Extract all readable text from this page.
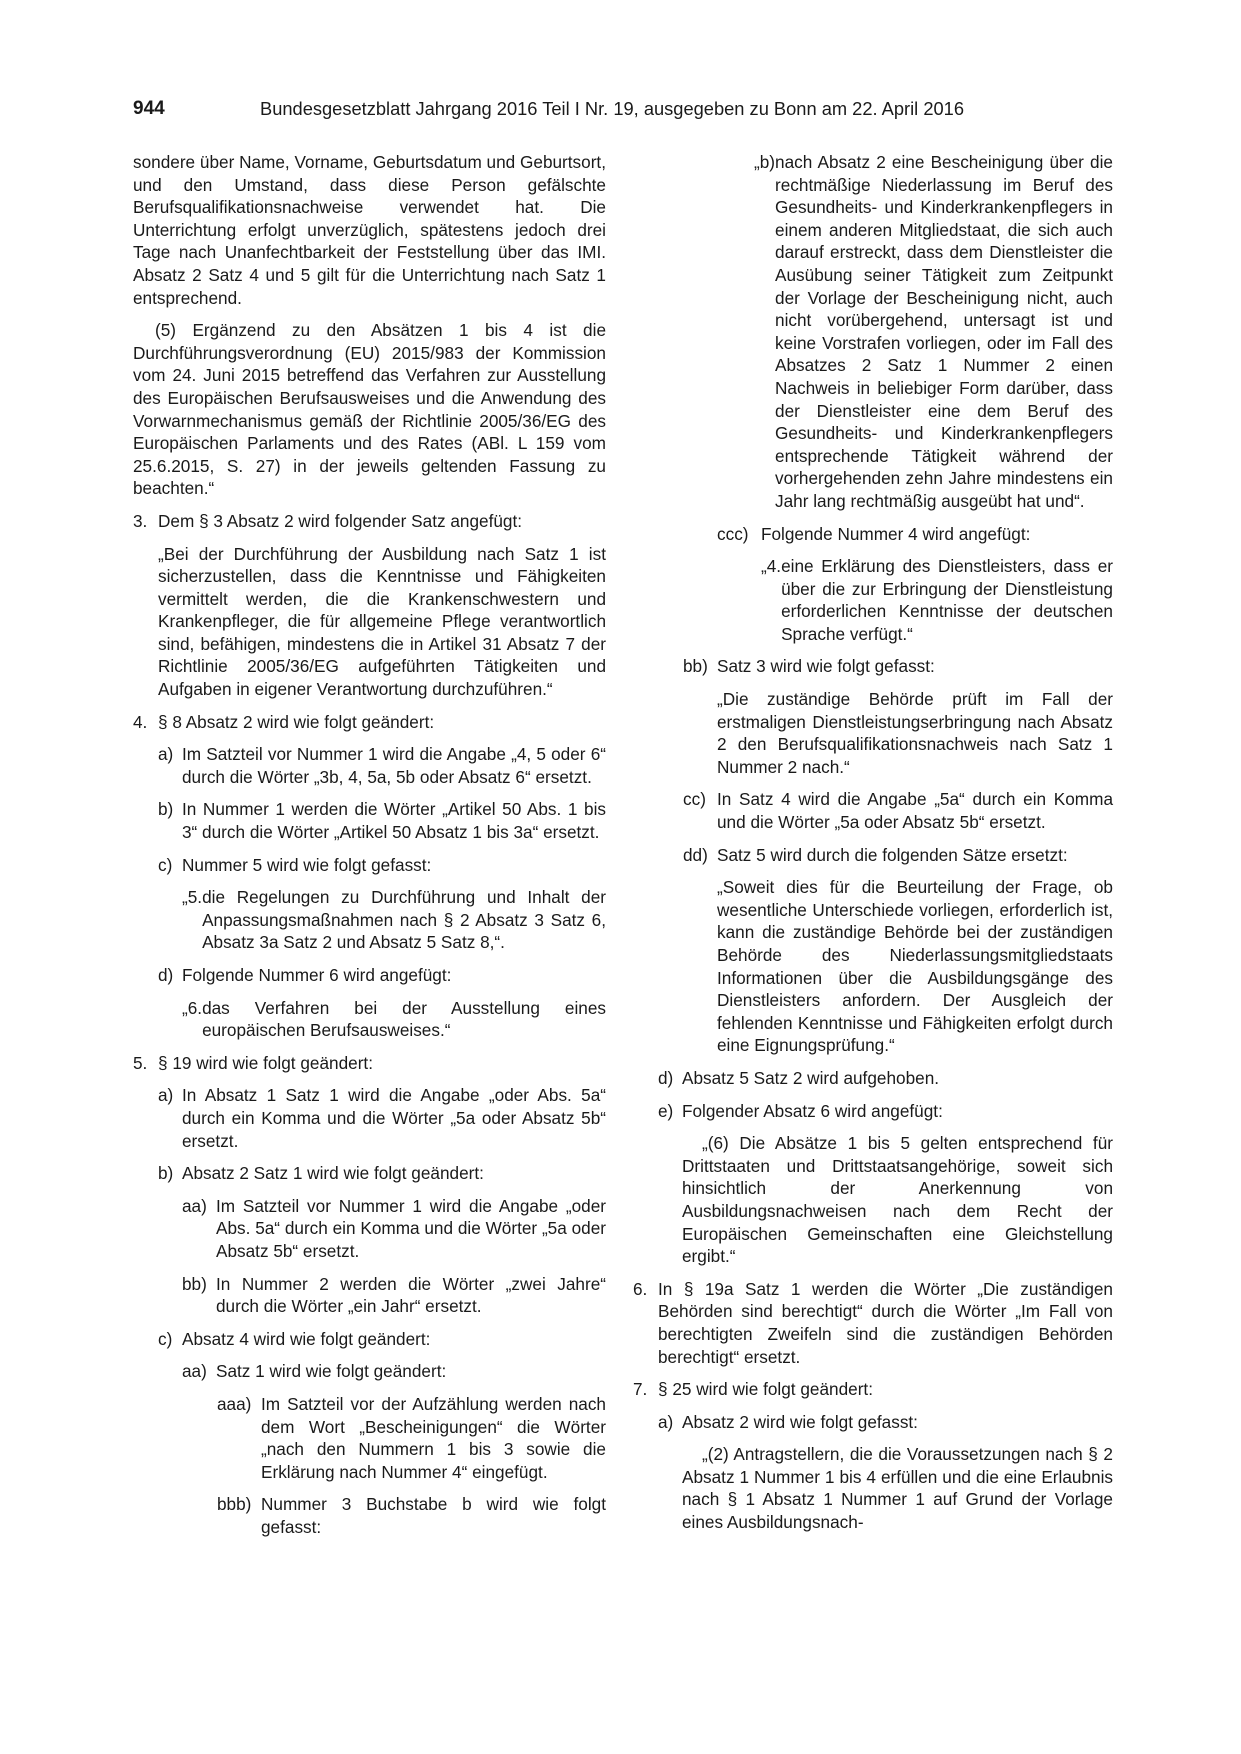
944	Bundesgesetzblatt Jahrgang 2016 Teil I Nr. 19, ausgegeben zu Bonn am 22. April 2016

sondere über Name, Vorname, Geburtsdatum und Geburtsort, und den Umstand, dass diese Person gefälschte Berufsqualifikationsnachweise verwendet hat. Die Unterrichtung erfolgt unverzüglich, spätestens jedoch drei Tage nach Unanfechtbarkeit der Feststellung über das IMI. Absatz 2 Satz 4 und 5 gilt für die Unterrichtung nach Satz 1 entsprechend.

(5) Ergänzend zu den Absätzen 1 bis 4 ist die Durchführungsverordnung (EU) 2015/983 der Kommission vom 24. Juni 2015 betreffend das Verfahren zur Ausstellung des Europäischen Berufsausweises und die Anwendung des Vorwarnmechanismus gemäß der Richtlinie 2005/36/EG des Europäischen Parlaments und des Rates (ABl. L 159 vom 25.6.2015, S. 27) in der jeweils geltenden Fassung zu beachten.“

3. Dem § 3 Absatz 2 wird folgender Satz angefügt:

„Bei der Durchführung der Ausbildung nach Satz 1 ist sicherzustellen, dass die Kenntnisse und Fähigkeiten vermittelt werden, die die Krankenschwestern und Krankenpfleger, die für allgemeine Pflege verantwortlich sind, befähigen, mindestens die in Artikel 31 Absatz 7 der Richtlinie 2005/36/EG aufgeführten Tätigkeiten und Aufgaben in eigener Verantwortung durchzuführen.“

4. § 8 Absatz 2 wird wie folgt geändert:
a) Im Satzteil vor Nummer 1 wird die Angabe „4, 5 oder 6“ durch die Wörter „3b, 4, 5a, 5b oder Absatz 6“ ersetzt.
b) In Nummer 1 werden die Wörter „Artikel 50 Abs. 1 bis 3“ durch die Wörter „Artikel 50 Absatz 1 bis 3a“ ersetzt.
c) Nummer 5 wird wie folgt gefasst:
„5. die Regelungen zu Durchführung und Inhalt der Anpassungsmaßnahmen nach § 2 Absatz 3 Satz 6, Absatz 3a Satz 2 und Absatz 5 Satz 8,“.
d) Folgende Nummer 6 wird angefügt:
„6. das Verfahren bei der Ausstellung eines europäischen Berufsausweises.“
5. § 19 wird wie folgt geändert:
a) In Absatz 1 Satz 1 wird die Angabe „oder Abs. 5a“ durch ein Komma und die Wörter „5a oder Absatz 5b“ ersetzt.
b) Absatz 2 Satz 1 wird wie folgt geändert:
aa) Im Satzteil vor Nummer 1 wird die Angabe „oder Abs. 5a“ durch ein Komma und die Wörter „5a oder Absatz 5b“ ersetzt.
bb) In Nummer 2 werden die Wörter „zwei Jahre“ durch die Wörter „ein Jahr“ ersetzt.
c) Absatz 4 wird wie folgt geändert:
aa) Satz 1 wird wie folgt geändert:
aaa) Im Satzteil vor der Aufzählung werden nach dem Wort „Bescheinigungen“ die Wörter „nach den Nummern 1 bis 3 sowie die Erklärung nach Nummer 4“ eingefügt.
bbb) Nummer 3 Buchstabe b wird wie folgt gefasst:
„b) nach Absatz 2 eine Bescheinigung über die rechtmäßige Niederlassung im Beruf des Gesundheits- und Kinderkrankenpflegers in einem anderen Mitgliedstaat, die sich auch darauf erstreckt, dass dem Dienstleister die Ausübung seiner Tätigkeit zum Zeitpunkt der Vorlage der Bescheinigung nicht, auch nicht vorübergehend, untersagt ist und keine Vorstrafen vorliegen, oder im Fall des Absatzes 2 Satz 1 Nummer 2 einen Nachweis in beliebiger Form darüber, dass der Dienstleister eine dem Beruf des Gesundheits- und Kinderkrankenpflegers entsprechende Tätigkeit während der vorhergehenden zehn Jahre mindestens ein Jahr lang rechtmäßig ausgeübt hat und“.
ccc) Folgende Nummer 4 wird angefügt:
„4. eine Erklärung des Dienstleisters, dass er über die zur Erbringung der Dienstleistung erforderlichen Kenntnisse der deutschen Sprache verfügt.“
bb) Satz 3 wird wie folgt gefasst:

„Die zuständige Behörde prüft im Fall der erstmaligen Dienstleistungserbringung nach Absatz 2 den Berufsqualifikationsnachweis nach Satz 1 Nummer 2 nach.“

cc) In Satz 4 wird die Angabe „5a“ durch ein Komma und die Wörter „5a oder Absatz 5b“ ersetzt.
dd) Satz 5 wird durch die folgenden Sätze ersetzt:

„Soweit dies für die Beurteilung der Frage, ob wesentliche Unterschiede vorliegen, erforderlich ist, kann die zuständige Behörde bei der zuständigen Behörde des Niederlassungsmitgliedstaats Informationen über die Ausbildungsgänge des Dienstleisters anfordern. Der Ausgleich der fehlenden Kenntnisse und Fähigkeiten erfolgt durch eine Eignungsprüfung.“

d) Absatz 5 Satz 2 wird aufgehoben.
e) Folgender Absatz 6 wird angefügt:

„(6) Die Absätze 1 bis 5 gelten entsprechend für Drittstaaten und Drittstaatsangehörige, soweit sich hinsichtlich der Anerkennung von Ausbildungsnachweisen nach dem Recht der Europäischen Gemeinschaften eine Gleichstellung ergibt.“

6. In § 19a Satz 1 werden die Wörter „Die zuständigen Behörden sind berechtigt“ durch die Wörter „Im Fall von berechtigten Zweifeln sind die zuständigen Behörden berechtigt“ ersetzt.
7. § 25 wird wie folgt geändert:
a) Absatz 2 wird wie folgt gefasst:

„(2) Antragstellern, die die Voraussetzungen nach § 2 Absatz 1 Nummer 1 bis 4 erfüllen und die eine Erlaubnis nach § 1 Absatz 1 Nummer 1 auf Grund der Vorlage eines Ausbildungsnach-
